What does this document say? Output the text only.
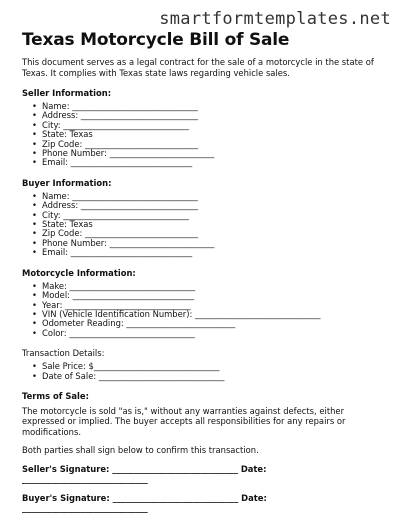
smartformtemplates.net
Texas Motorcycle Bill of Sale

This document serves as a legal contract for the sale of a motorcycle in the state of Texas. It complies with Texas state laws regarding vehicle sales.

Seller Information:
• Name: ______________________________
• Address: ____________________________
• City: ______________________________
• State: Texas
• Zip Code: ___________________________
• Phone Number: _________________________
• Email: _____________________________
Buyer Information:
• Name: ______________________________
• Address: ____________________________
• City: ______________________________
• State: Texas
• Zip Code: ___________________________
• Phone Number: _________________________
• Email: _____________________________
Motorcycle Information:
• Make: ______________________________
• Model: _____________________________
• Year: ______________________________
• VIN (Vehicle Identification Number): ______________________________
• Odometer Reading: __________________________
• Color: ______________________________
Transaction Details:
• Sale Price: $______________________________
• Date of Sale: ______________________________
Terms of Sale:

The motorcycle is sold "as is," without any warranties against defects, either expressed or implied. The buyer accepts all responsibilities for any repairs or modifications.

Both parties shall sign below to confirm this transaction.

Seller's Signature: ______________________________ Date:

______________________________

Buyer's Signature: ______________________________ Date:

______________________________
